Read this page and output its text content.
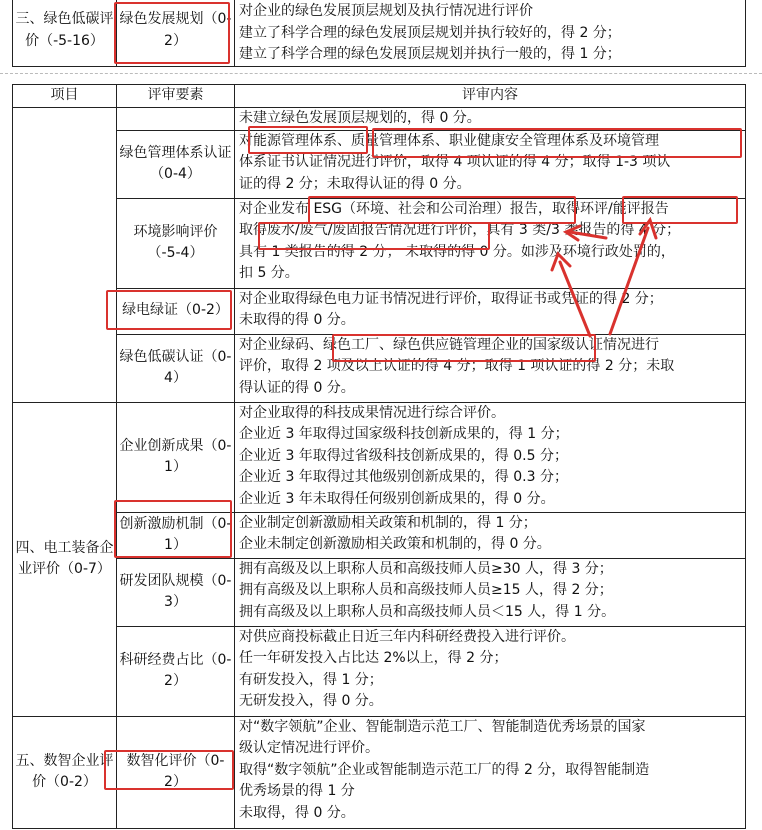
三、绿色低碳评价（-5-16）	绿色发展规划（0-2）	
对企业的绿色发展顶层规划及执行情况进行评价
建立了科学合理的绿色发展顶层规划并执行较好的，得 2 分；
建立了科学合理的绿色发展顶层规划并执行一般的，得 1 分；
项目	评审要素	评审内容

		未建立绿色发展顶层规划的，得 0 分。

	绿色管理体系认证（0-4）	对能源管理体系、质量管理体系、职业健康安全管理体系及环境管理
体系证书认证情况进行评价，取得 4 项认证的得 4 分；取得 1-3 项认
证的得 2 分；未取得认证的得 0 分。

	环境影响评价（-5-4）	对企业发布 ESG（环境、社会和公司治理）报告，取得环评/能评报告
取得废水/废气/废固报告情况进行评价，具有 3 类/3 类报告的得 4 分；
具有 1 类报告的得 2 分； 未取得的得 0 分。如涉及环境行政处罚的，
扣 5 分。

	绿电绿证（0-2）	对企业取得绿色电力证书情况进行评价，取得证书或凭证的得 2 分；
未取得的得 0 分。

	绿色低碳认证（0-4）	对企业绿码、绿色工厂、绿色供应链管理企业的国家级认证情况进行
评价，取得 2 项及以上认证的得 4 分；取得 1 项认证的得 2 分；未取
得认证的得 0 分。

四、电工装备企业评价（0-7）	企业创新成果（0-1）	对企业取得的科技成果情况进行综合评价。
企业近 3 年取得过国家级科技创新成果的，得 1 分；
企业近 3 年取得过省级科技创新成果的，得 0.5 分；
企业近 3 年取得过其他级别创新成果的，得 0.3 分；
企业近 3 年未取得任何级别创新成果的，得 0 分。

	创新激励机制（0-1）	企业制定创新激励相关政策和机制的，得 1 分；
企业未制定创新激励相关政策和机制的，得 0 分。

	研发团队规模（0-3）	拥有高级及以上职称人员和高级技师人员≥30 人，得 3 分；
拥有高级及以上职称人员和高级技师人员≥15 人，得 2 分；
拥有高级及以上职称人员和高级技师人员＜15 人，得 1 分。

	科研经费占比（0-2）	对供应商投标截止日近三年内科研经费投入进行评价。
任一年研发投入占比达 2%以上，得 2 分；
有研发投入，得 1 分；
无研发投入，得 0 分。

五、数智企业评价（0-2）	数智化评价（0-2）	对“数字领航”企业、智能制造示范工厂、智能制造优秀场景的国家
级认定情况进行评价。
取得“数字领航”企业或智能制造示范工厂的得 2 分，取得智能制造
优秀场景的得 1 分
未取得，得 0 分。
